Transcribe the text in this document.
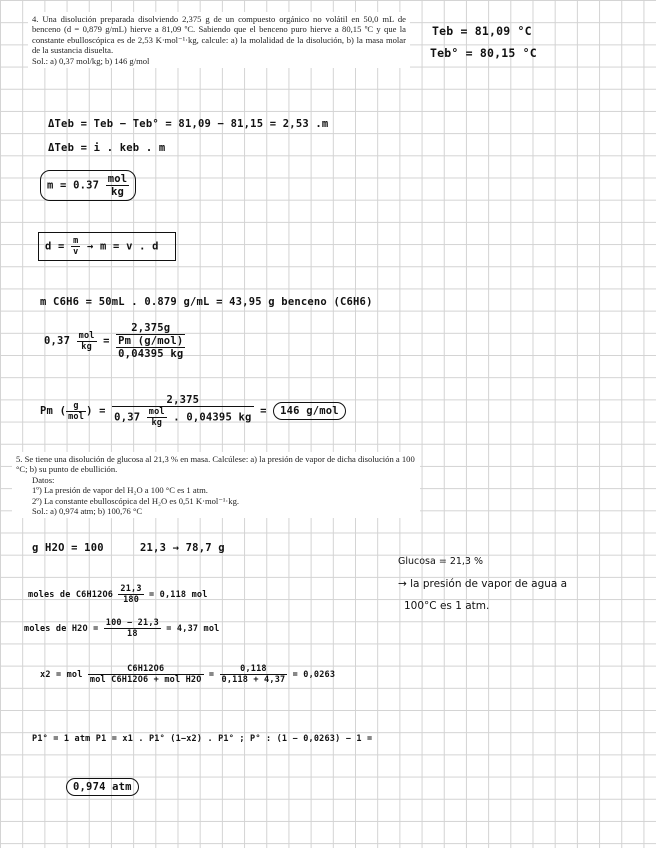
4. Una disolución preparada disolviendo 2,375 g de un compuesto orgánico no volátil en 50,0 mL de benceno (d = 0,879 g/mL) hierve a 81,09 ºC. Sabiendo que el benceno puro hierve a 80,15 ºC y que la constante ebulloscópica es de 2,53 K·mol⁻¹·kg, calcule: a) la molalidad de la disolución, b) la masa molar de la sustancia disuelta.

Sol.: a) 0,37 mol/kg; b) 146 g/mol

Teb = 81,09 °C
Teb° = 80,15 °C
ΔTeb = Teb − Teb° = 81,09 − 81,15 = 2,53 .m
ΔTeb = i . keb . m
$m = 0.37 \frac{\text{mol}}{kg}$
$d = \frac{m}{v} \to m = v$ . d
m C6H6 = 50mL . 0.879 g/mL = 43,95 g benceno (C6H6)
$0,37 \frac{\text{mol}}{kg}$ =
2,375g
Pm (g/mol)
0,04395 kg
Pm ( $\frac{g}{\text{mol}}$ ) = $\frac{2,375}{0,37 \frac{\text{mol}}{kg} . 0,04395 kg} = 146$ g/mol

5. Se tiene una disolución de glucosa al 21,3 % en masa. Calcúlese: a) la presión de vapor de dicha disolución a 100 °C; b) su punto de ebullición.

Datos:

1º) La presión de vapor del H₂O a 100 °C es 1 atm.

2º) La constante ebulloscópica del H₂O es 0,51 K·mol⁻¹·kg.

Sol.: a) 0,974 atm; b) 100,76 °C

Glucosa = 21,3 %
→ la presión de vapor de agua a
100°C es 1 atm.
g H2O = 100	21,3 → 78,7 g
moles de $C6H12O6 \frac{21,3}{180} = 0,118$ mol
moles de $H2O = \frac{100 - 21,3}{18} = 4,37$ mol
x2 = mol $\frac{C6H12O6}{\text{mol C6H12O6 + mol H2O}} = \frac{0,118}{0,118 + 4,37} = 0,0263$
P1° = 1 atm P1 = x1 . P1° (1−x2) . P1° ; P° : (1 − 0,0263) − 1 =
0,974 atm
